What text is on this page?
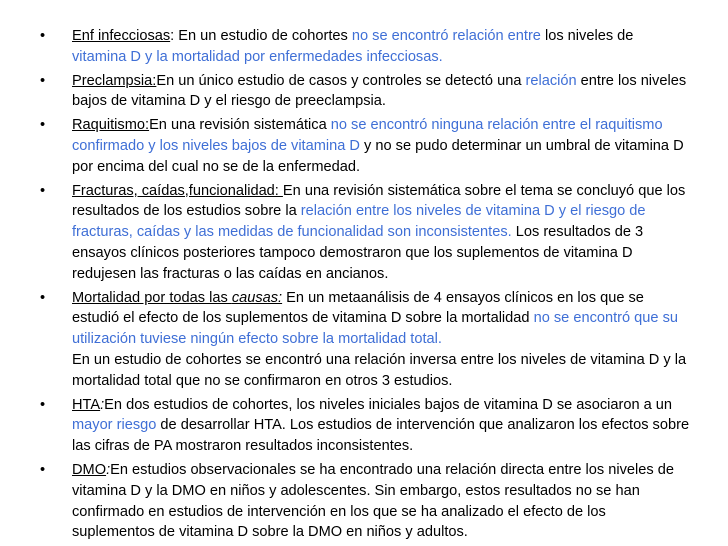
• Enf infecciosas: En un estudio de cohortes no se encontró relación entre los niveles de vitamina D y la mortalidad por enfermedades infecciosas.
• Preclampsia:En un único estudio de casos y controles se detectó una relación entre los niveles bajos de vitamina D y el riesgo de preeclampsia.
• Raquitismo:En una revisión sistemática no se encontró ninguna relación entre el raquitismo confirmado y los niveles bajos de vitamina D y no se pudo determinar un umbral de vitamina D por encima del cual no se de la enfermedad.
• Fracturas, caídas,funcionalidad: En una revisión sistemática sobre el tema se concluyó que los resultados de los estudios sobre la relación entre los niveles de vitamina D y el riesgo de fracturas, caídas y las medidas de funcionalidad son inconsistentes. Los resultados de 3 ensayos clínicos posteriores tampoco demostraron que los suplementos de vitamina D redujesen las fracturas o las caídas en ancianos.
• Mortalidad por todas las causas: En un metaanálisis de 4 ensayos clínicos en los que se estudió el efecto de los suplementos de vitamina D sobre la mortalidad no se encontró que su utilización tuviese ningún efecto sobre la mortalidad total.
En un estudio de cohortes se encontró una relación inversa entre los niveles de vitamina D y la mortalidad total que no se confirmaron en otros 3 estudios.
• HTA:En dos estudios de cohortes, los niveles iniciales bajos de vitamina D se asociaron a un mayor riesgo de desarrollar HTA. Los estudios de intervención que analizaron los efectos sobre las cifras de PA mostraron resultados inconsistentes.
• DMO:En estudios observacionales se ha encontrado una relación directa entre los niveles de vitamina D y la DMO en niños y adolescentes. Sin embargo, estos resultados no se han confirmado en estudios de intervención en los que se ha analizado el efecto de los suplementos de vitamina D sobre la DMO en niños y adultos.
